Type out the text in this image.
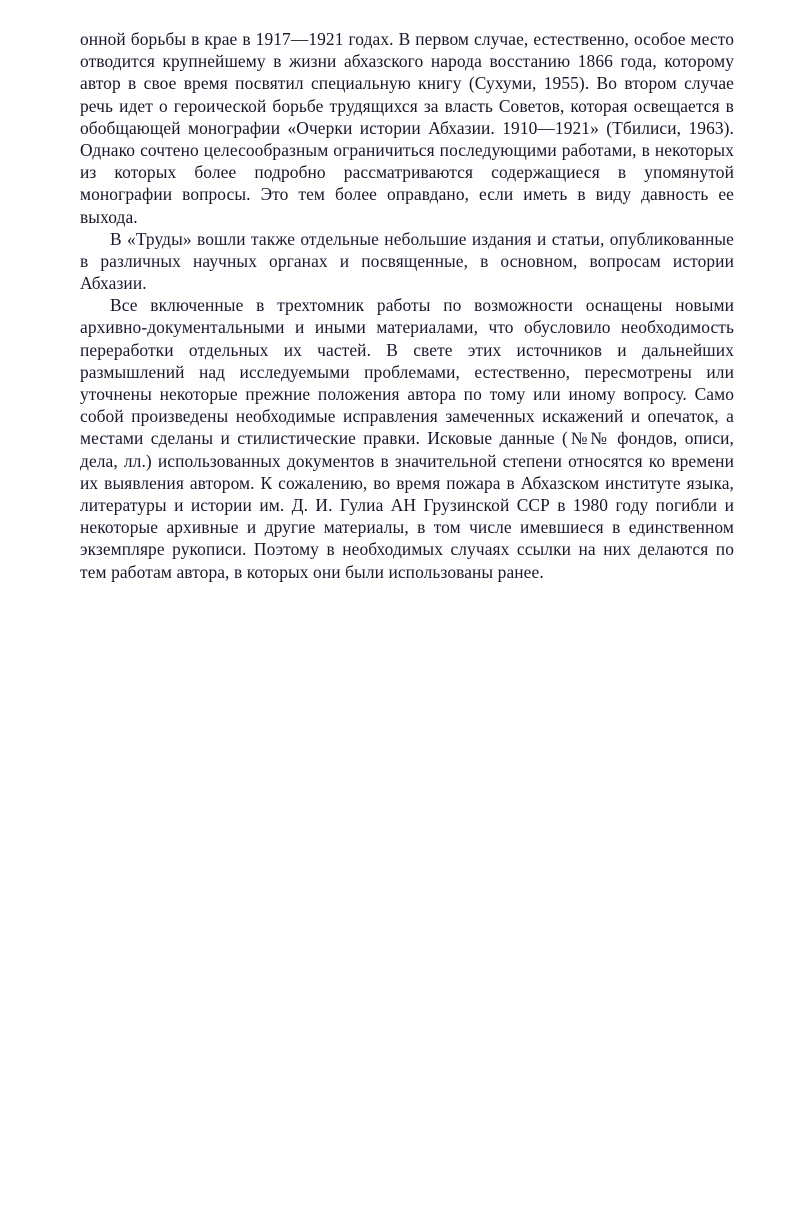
онной борьбы в крае в 1917—1921 годах. В первом случае, естественно, особое место отводится крупнейшему в жизни абхазского народа восстанию 1866 года, которому автор в свое время посвятил специальную книгу (Сухуми, 1955). Во втором случае речь идет о героической борьбе трудящихся за власть Советов, которая освещается в обобщающей монографии «Очерки истории Абхазии. 1910—1921» (Тбилиси, 1963). Однако сочтено целесообразным ограничиться последующими работами, в некоторых из которых более подробно рассматриваются содержащиеся в упомянутой монографии вопросы. Это тем более оправдано, если иметь в виду давность ее выхода.

В «Труды» вошли также отдельные небольшие издания и статьи, опубликованные в различных научных органах и посвященные, в основном, вопросам истории Абхазии.

Все включенные в трехтомник работы по возможности оснащены новыми архивно-документальными и иными материалами, что обусловило необходимость переработки отдельных их частей. В свете этих источников и дальнейших размышлений над исследуемыми проблемами, естественно, пересмотрены или уточнены некоторые прежние положения автора по тому или иному вопросу. Само собой произведены необходимые исправления замеченных искажений и опечаток, а местами сделаны и стилистические правки. Исковые данные (№№ фондов, описи, дела, лл.) использованных документов в значительной степени относятся ко времени их выявления автором. К сожалению, во время пожара в Абхазском институте языка, литературы и истории им. Д. И. Гулиа АН Грузинской ССР в 1980 году погибли и некоторые архивные и другие материалы, в том числе имевшиеся в единственном экземпляре рукописи. Поэтому в необходимых случаях ссылки на них делаются по тем работам автора, в которых они были использованы ранее.
